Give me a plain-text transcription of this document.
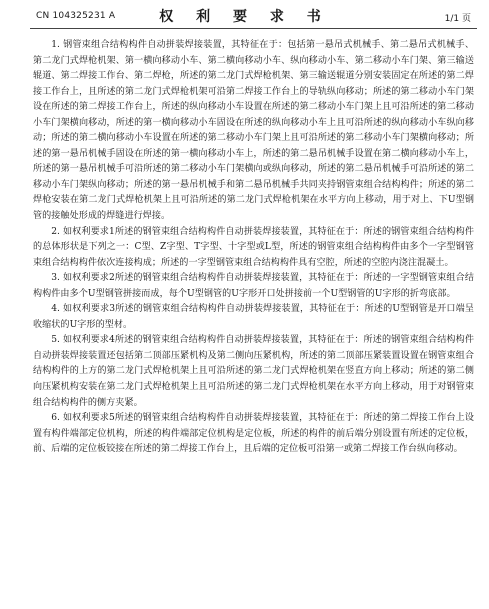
CN 104325231 A	权 利 要 求 书	1/1 页

1. 钢管束组合结构构件自动拼装焊接装置，其特征在于：包括第一悬吊式机械手、第二悬吊式机械手、第二龙门式焊枪机架、第一横向移动小车、第二横向移动小车、纵向移动小车、第二移动小车门架、第三输送辊道、第二焊接工作台、第二焊枪，所述的第二龙门式焊枪机架、第三输送辊道分别安装固定在所述的第二焊接工作台上，且所述的第二龙门式焊枪机架可沿第二焊接工作台上的导轨纵向移动；所述的第二移动小车门架设在所述的第二焊接工作台上，所述的纵向移动小车设置在所述的第二移动小车门架上且可沿所述的第二移动小车门架横向移动，所述的第一横向移动小车固设在所述的纵向移动小车上且可沿所述的纵向移动小车纵向移动；所述的第二横向移动小车设置在所述的第二移动小车门架上且可沿所述的第二移动小车门架横向移动；所述的第一悬吊机械手固设在所述的第一横向移动小车上，所述的第二悬吊机械手设置在第二横向移动小车上，所述的第一悬吊机械手可沿所述的第二移动小车门架横向或纵向移动，所述的第二悬吊机械手可沿所述的第二移动小车门架纵向移动；所述的第一悬吊机械手和第二悬吊机械手共同夹持钢管束组合结构构件；所述的第二焊枪安装在第二龙门式焊枪机架上且可沿所述的第二龙门式焊枪机架在水平方向上移动，用于对上、下U型钢管的接触处形成的焊缝进行焊接。

2. 如权利要求1所述的钢管束组合结构构件自动拼装焊接装置，其特征在于：所述的钢管束组合结构构件的总体形状是下列之一：C型、Z字型、T字型、十字型或L型，所述的钢管束组合结构构件由多个一字型钢管束组合结构构件依次连接构成；所述的一字型钢管束组合结构构件具有空腔，所述的空腔内浇注混凝土。

3. 如权利要求2所述的钢管束组合结构构件自动拼装焊接装置，其特征在于：所述的一字型钢管束组合结构构件由多个U型钢管拼接而成，每个U型钢管的U字形开口处拼接前一个U型钢管的U字形的折弯底部。

4. 如权利要求3所述的钢管束组合结构构件自动拼装焊接装置，其特征在于：所述的U型钢管是开口端呈收缩状的U字形的型材。

5. 如权利要求4所述的钢管束组合结构构件自动拼装焊接装置，其特征在于：所述的钢管束组合结构构件自动拼装焊接装置还包括第二顶部压紧机构及第二侧向压紧机构，所述的第二顶部压紧装置设置在钢管束组合结构构件的上方的第二龙门式焊枪机架上且可沿所述的第二龙门式焊枪机架在竖直方向上移动；所述的第二侧向压紧机构安装在第二龙门式焊枪机架上且可沿所述的第二龙门式焊枪机架在水平方向上移动，用于对钢管束组合结构构件的侧方夹紧。

6. 如权利要求5所述的钢管束组合结构构件自动拼装焊接装置，其特征在于：所述的第二焊接工作台上设置有构件端部定位机构，所述的构件端部定位机构是定位板，所述的构件的前后端分别设置有所述的定位板，前、后端的定位板铰接在所述的第二焊接工作台上，且后端的定位板可沿第一或第二焊接工作台纵向移动。
